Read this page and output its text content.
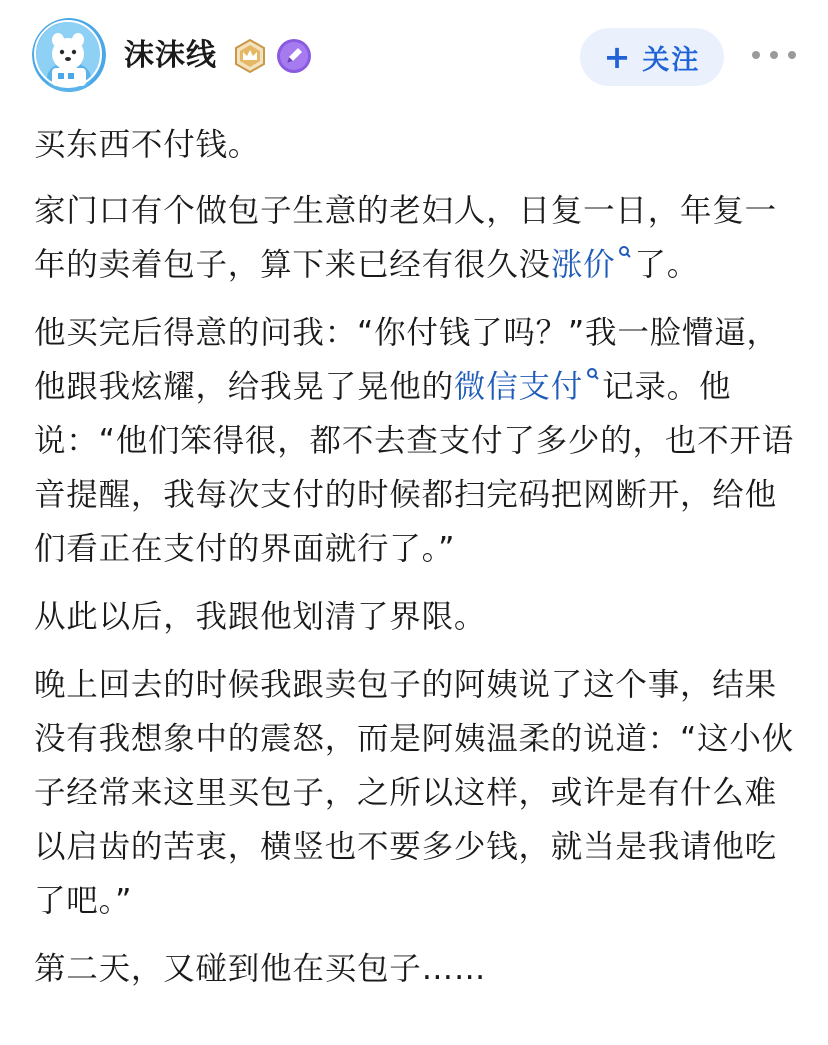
沫沫线	+ 关注

买东西不付钱。

家门口有个做包子生意的老妇人，日复一日，年复一年的卖着包子，算下来已经有很久没涨价 了。

他买完后得意的问我：“你付钱了吗？”我一脸懵逼，他跟我炫耀，给我晃了晃他的微信支付 记录。他说：“他们笨得很，都不去查支付了多少的，也不开语音提醒，我每次支付的时候都扫完码把网断开，给他们看正在支付的界面就行了。”

从此以后，我跟他划清了界限。

晚上回去的时候我跟卖包子的阿姨说了这个事，结果没有我想象中的震怒，而是阿姨温柔的说道：“这小伙子经常来这里买包子，之所以这样，或许是有什么难以启齿的苦衷，横竖也不要多少钱，就当是我请他吃了吧。”

第二天，又碰到他在买包子……
